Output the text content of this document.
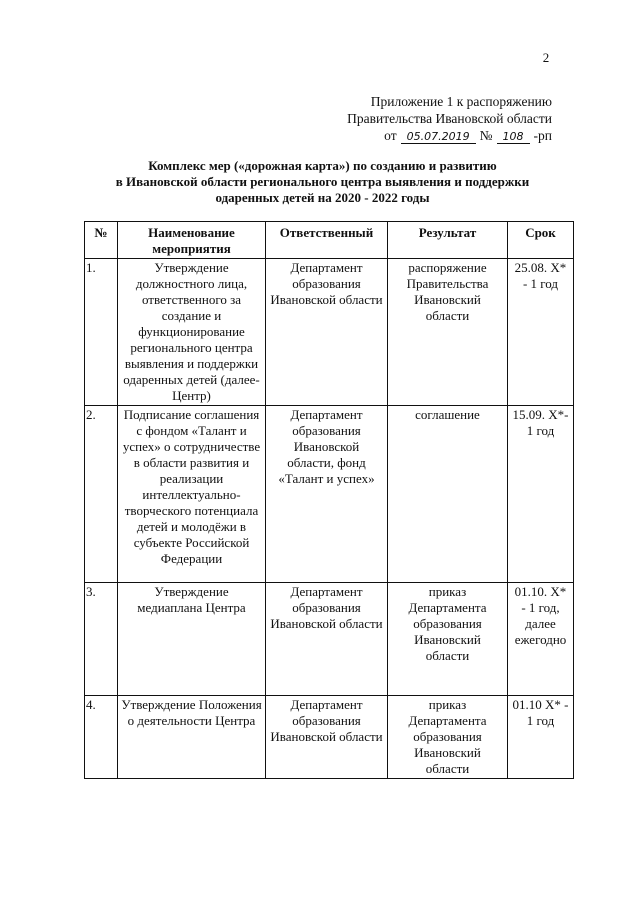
2
Приложение 1 к распоряжению
Правительства Ивановской области
от 05.07.2019 № 108 -рп
Комплекс мер («дорожная карта») по созданию и развитию
в Ивановской области регионального центра выявления и поддержки
одаренных детей на 2020 - 2022 годы
№	Наименование мероприятия	Ответственный	Результат	Срок
1.	Утверждение должностного лица, ответственного за создание и функционирование регионального центра выявления и поддержки одаренных детей (далее- Центр)	Департамент образования Ивановской области	распоряжение Правительства Ивановский области	25.08. Х* - 1 год
2.	Подписание соглашения с фондом «Талант и успех» о сотрудничестве в области развития и реализации интеллектуально-творческого потенциала детей и молодёжи в субъекте Российской Федерации	Департамент образования Ивановской области, фонд «Талант и успех»	соглашение	15.09. Х*- 1 год
3.	Утверждение медиаплана Центра	Департамент образования Ивановской области	приказ Департамента образования Ивановский области	01.10. Х* - 1 год, далее ежегодно
4.	Утверждение Положения о деятельности Центра	Департамент образования Ивановской области	приказ Департамента образования Ивановский области	01.10 Х* - 1 год
